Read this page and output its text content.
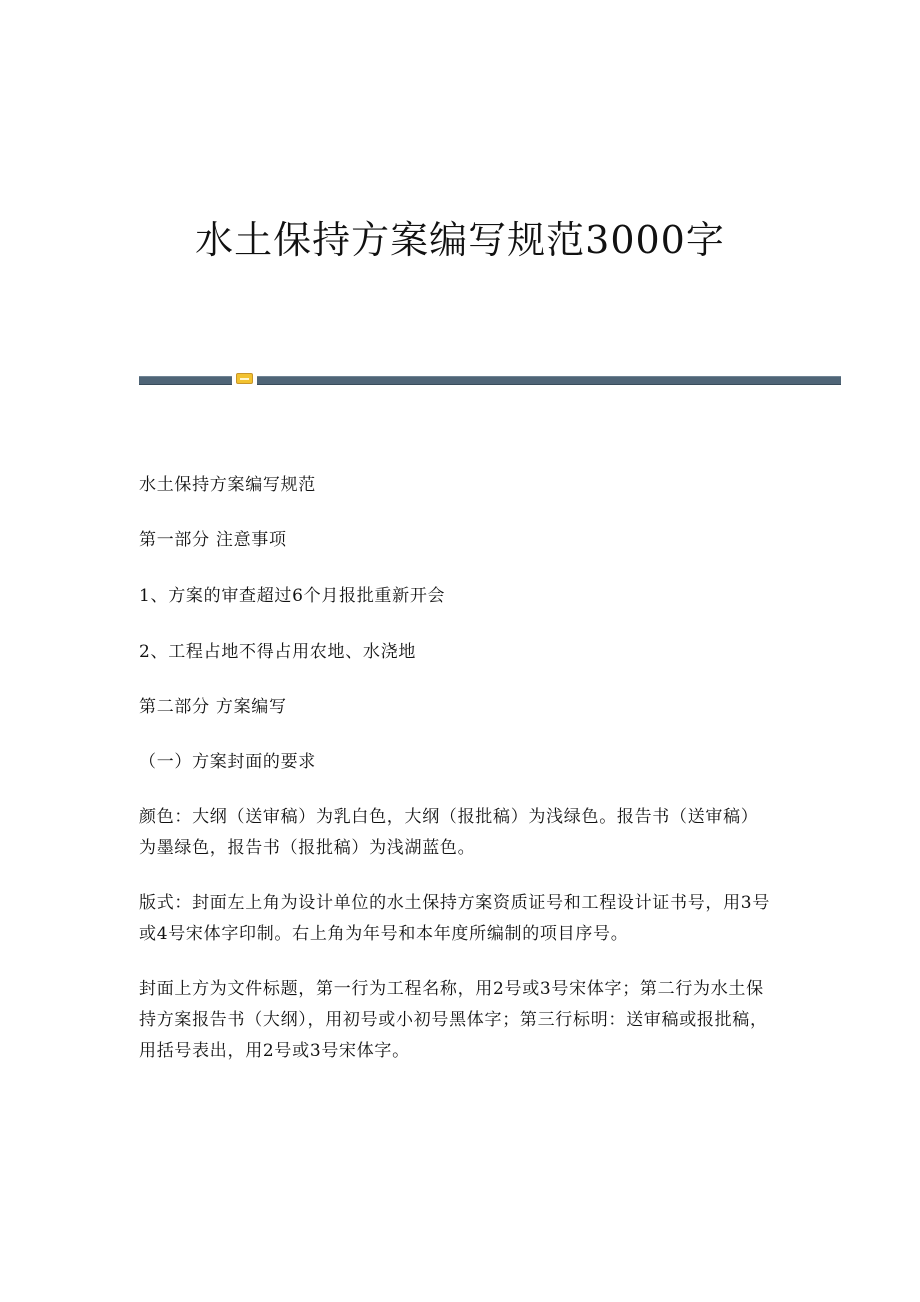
水土保持方案编写规范3000字

水土保持方案编写规范

第一部分 注意事项

1、方案的审查超过6个月报批重新开会

2、工程占地不得占用农地、水浇地

第二部分 方案编写

（一）方案封面的要求

颜色：大纲（送审稿）为乳白色，大纲（报批稿）为浅绿色。报告书（送审稿）为墨绿色，报告书（报批稿）为浅湖蓝色。

版式：封面左上角为设计单位的水土保持方案资质证号和工程设计证书号，用3号或4号宋体字印制。右上角为年号和本年度所编制的项目序号。

封面上方为文件标题，第一行为工程名称，用2号或3号宋体字；第二行为水土保持方案报告书（大纲），用初号或小初号黑体字；第三行标明：送审稿或报批稿，用括号表出，用2号或3号宋体字。
